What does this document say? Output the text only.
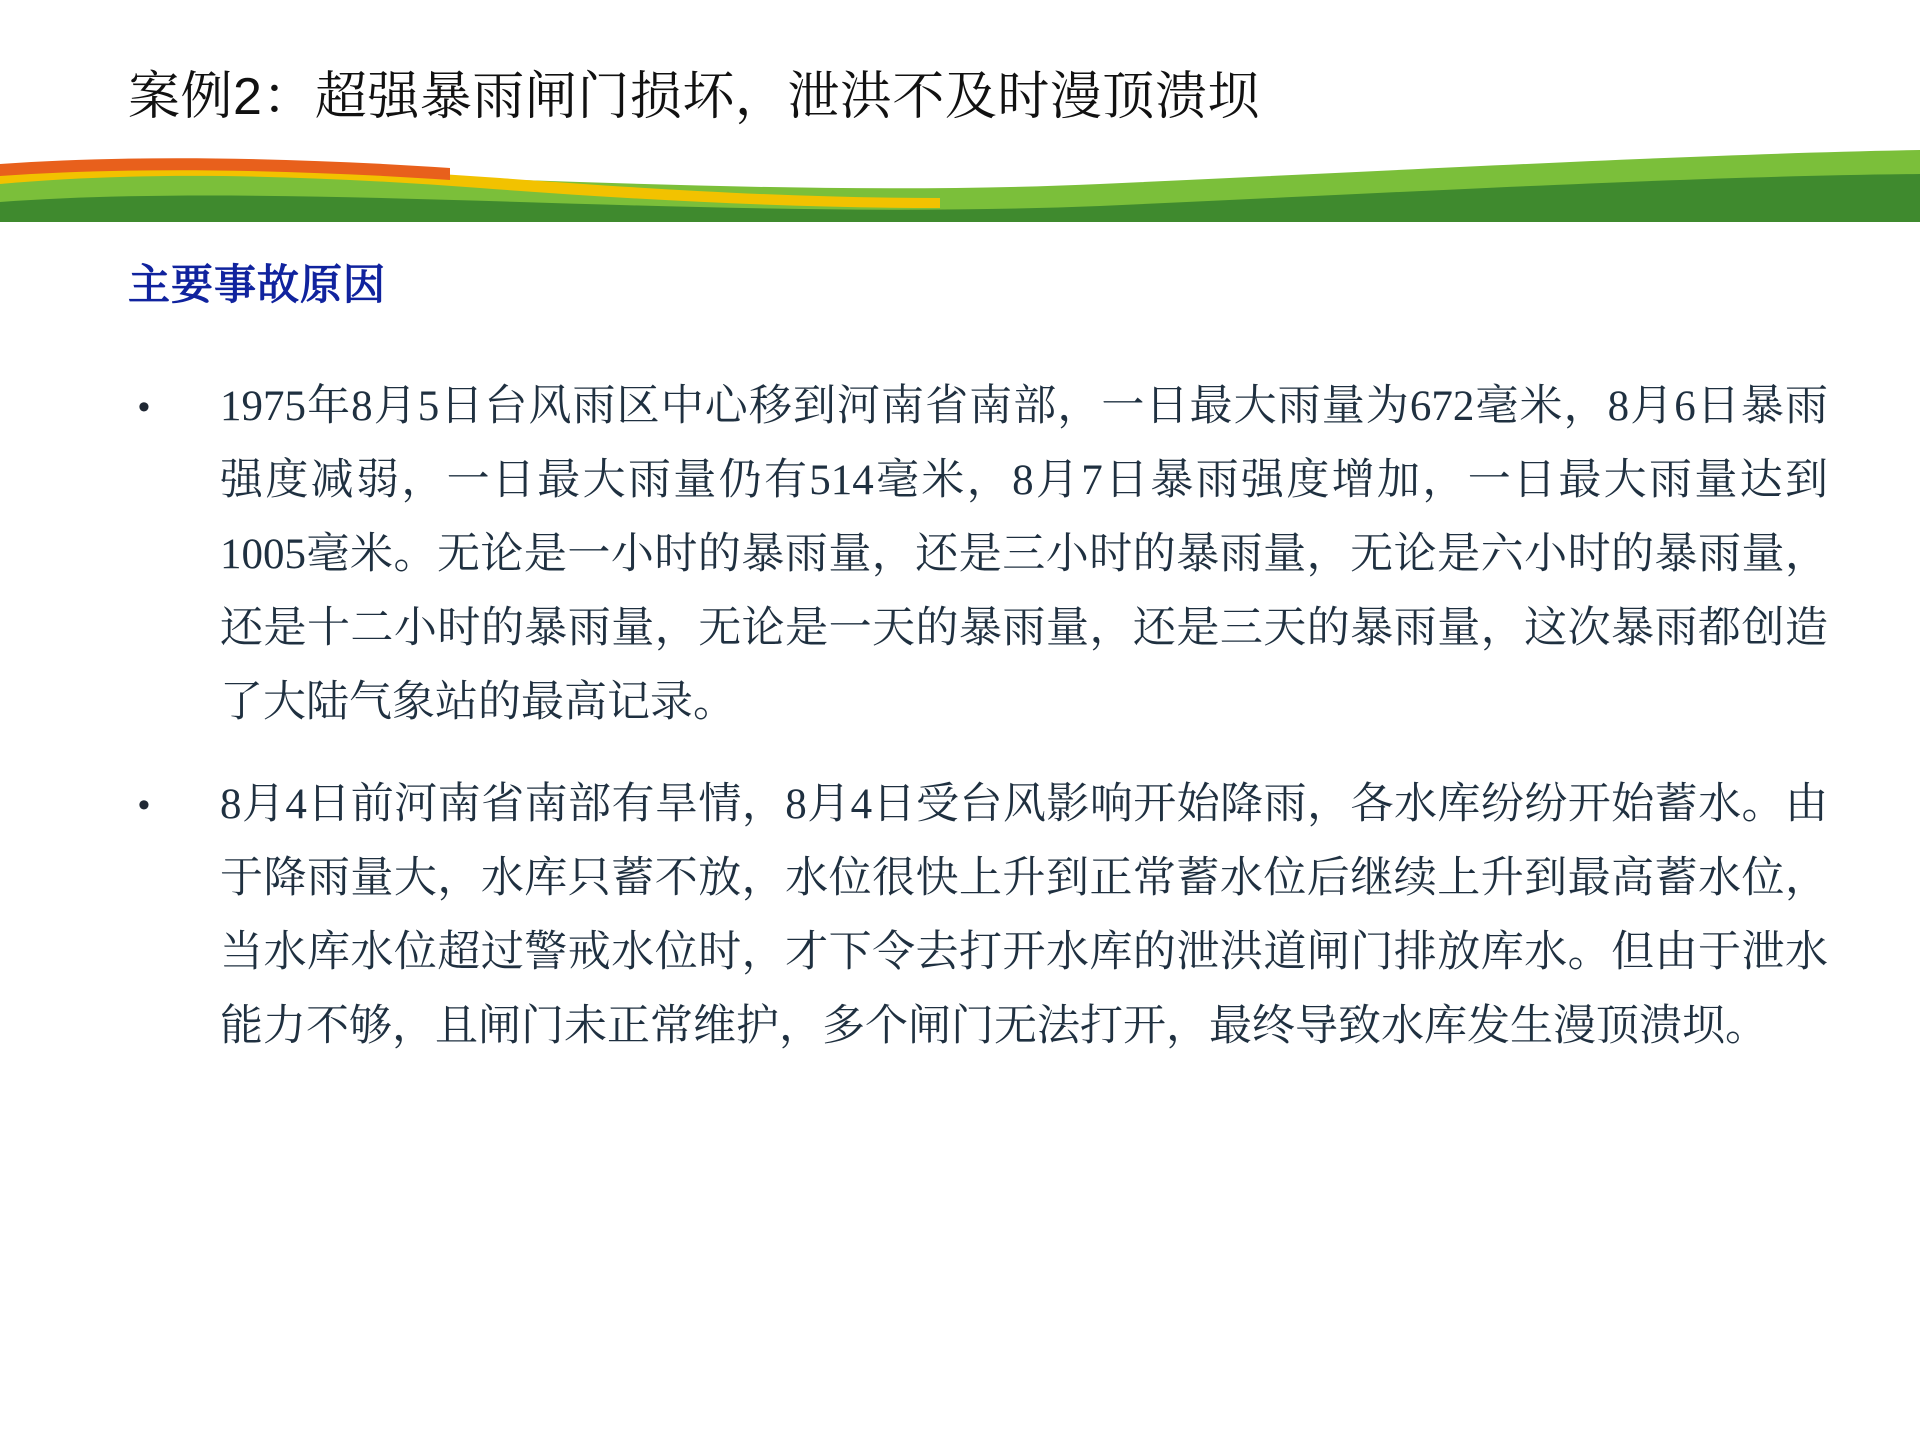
案例2：超强暴雨闸门损坏，泄洪不及时漫顶溃坝
主要事故原因
•	1975年8月5日台风雨区中心移到河南省南部，一日最大雨量为672毫米，8月6日暴雨强度减弱，一日最大雨量仍有514毫米，8月7日暴雨强度增加，一日最大雨量达到1005毫米。无论是一小时的暴雨量，还是三小时的暴雨量，无论是六小时的暴雨量，还是十二小时的暴雨量，无论是一天的暴雨量，还是三天的暴雨量，这次暴雨都创造了大陆气象站的最高记录。
•	8月4日前河南省南部有旱情，8月4日受台风影响开始降雨，各水库纷纷开始蓄水。由于降雨量大，水库只蓄不放，水位很快上升到正常蓄水位后继续上升到最高蓄水位，当水库水位超过警戒水位时，才下令去打开水库的泄洪道闸门排放库水。但由于泄水能力不够，且闸门未正常维护，多个闸门无法打开，最终导致水库发生漫顶溃坝。
